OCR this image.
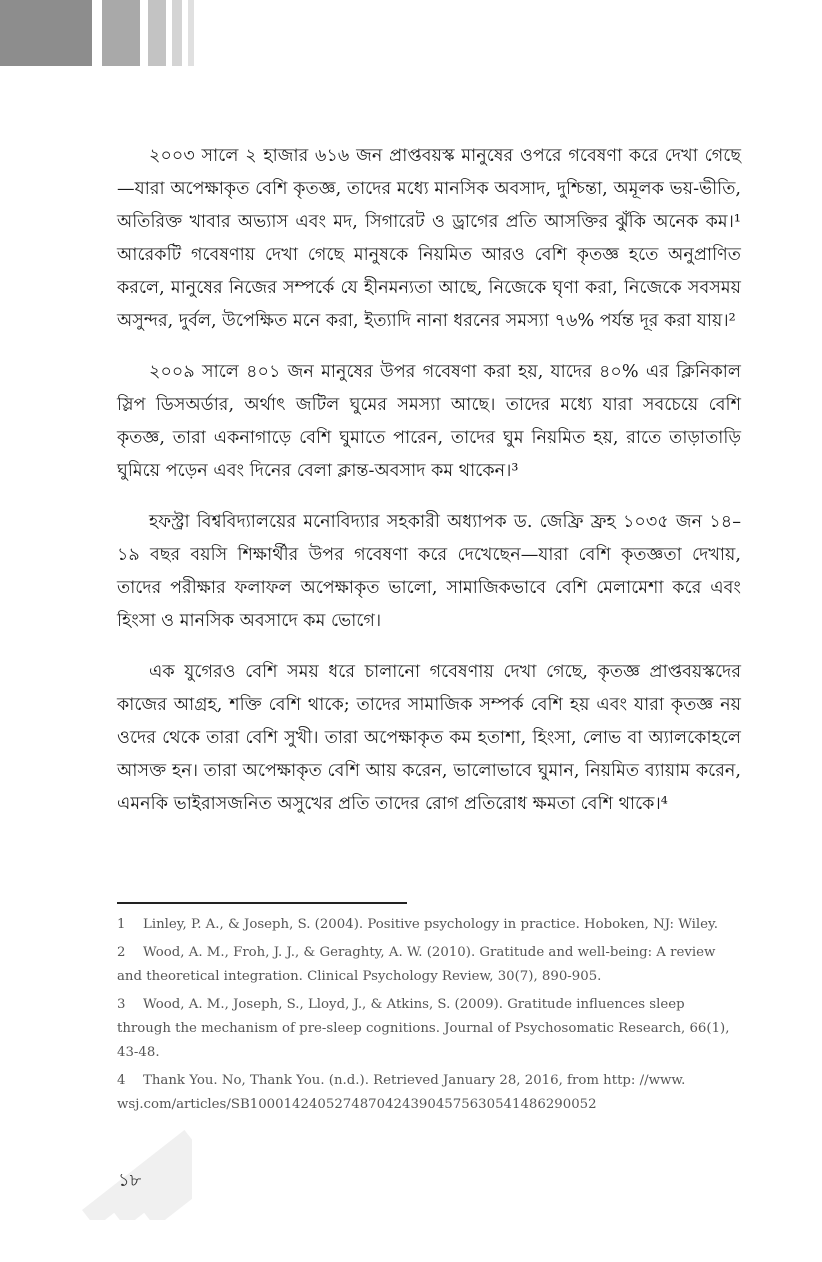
২০০৩ সালে ২ হাজার ৬১৬ জন প্রাপ্তবয়স্ক মানুষের ওপরে গবেষণা করে দেখা গেছে—যারা অপেক্ষাকৃত বেশি কৃতজ্ঞ, তাদের মধ্যে মানসিক অবসাদ, দুশ্চিন্তা, অমূলক ভয়-ভীতি, অতিরিক্ত খাবার অভ্যাস এবং মদ, সিগারেট ও ড্রাগের প্রতি আসক্তির ঝুঁকি অনেক কম।¹ আরেকটি গবেষণায় দেখা গেছে মানুষকে নিয়মিত আরও বেশি কৃতজ্ঞ হতে অনুপ্রাণিত করলে, মানুষের নিজের সম্পর্কে যে হীনমন্যতা আছে, নিজেকে ঘৃণা করা, নিজেকে সবসময় অসুন্দর, দুর্বল, উপেক্ষিত মনে করা, ইত্যাদি নানা ধরনের সমস্যা ৭৬% পর্যন্ত দূর করা যায়।²

২০০৯ সালে ৪০১ জন মানুষের উপর গবেষণা করা হয়, যাদের ৪০% এর ক্লিনিকাল স্লিপ ডিসঅর্ডার, অর্থাৎ জটিল ঘুমের সমস্যা আছে। তাদের মধ্যে যারা সবচেয়ে বেশি কৃতজ্ঞ, তারা একনাগাড়ে বেশি ঘুমাতে পারেন, তাদের ঘুম নিয়মিত হয়, রাতে তাড়াতাড়ি ঘুমিয়ে পড়েন এবং দিনের বেলা ক্লান্ত-অবসাদ কম থাকেন।³

হফস্ট্রা বিশ্ববিদ্যালয়ের মনোবিদ্যার সহকারী অধ্যাপক ড. জেফ্রি ফ্রহ ১০৩৫ জন ১৪–১৯ বছর বয়সি শিক্ষার্থীর উপর গবেষণা করে দেখেছেন—যারা বেশি কৃতজ্ঞতা দেখায়, তাদের পরীক্ষার ফলাফল অপেক্ষাকৃত ভালো, সামাজিকভাবে বেশি মেলামেশা করে এবং হিংসা ও মানসিক অবসাদে কম ভোগে।

এক যুগেরও বেশি সময় ধরে চালানো গবেষণায় দেখা গেছে, কৃতজ্ঞ প্রাপ্তবয়স্কদের কাজের আগ্রহ, শক্তি বেশি থাকে; তাদের সামাজিক সম্পর্ক বেশি হয় এবং যারা কৃতজ্ঞ নয় ওদের থেকে তারা বেশি সুখী। তারা অপেক্ষাকৃত কম হতাশা, হিংসা, লোভ বা অ্যালকোহলে আসক্ত হন। তারা অপেক্ষাকৃত বেশি আয় করেন, ভালোভাবে ঘুমান, নিয়মিত ব্যায়াম করেন, এমনকি ভাইরাসজনিত অসুখের প্রতি তাদের রোগ প্রতিরোধ ক্ষমতা বেশি থাকে।⁴

1 Linley, P. A., & Joseph, S. (2004). Positive psychology in practice. Hoboken, NJ: Wiley.
2 Wood, A. M., Froh, J. J., & Geraghty, A. W. (2010). Gratitude and well-being: A review and theoretical integration. Clinical Psychology Review, 30(7), 890-905.
3 Wood, A. M., Joseph, S., Lloyd, J., & Atkins, S. (2009). Gratitude influences sleep through the mechanism of pre-sleep cognitions. Journal of Psychosomatic Research, 66(1), 43-48.
4 Thank You. No, Thank You. (n.d.). Retrieved January 28, 2016, from http: //www. wsj.com/articles/SB10001424052748704243904575630541486290052
১৮
